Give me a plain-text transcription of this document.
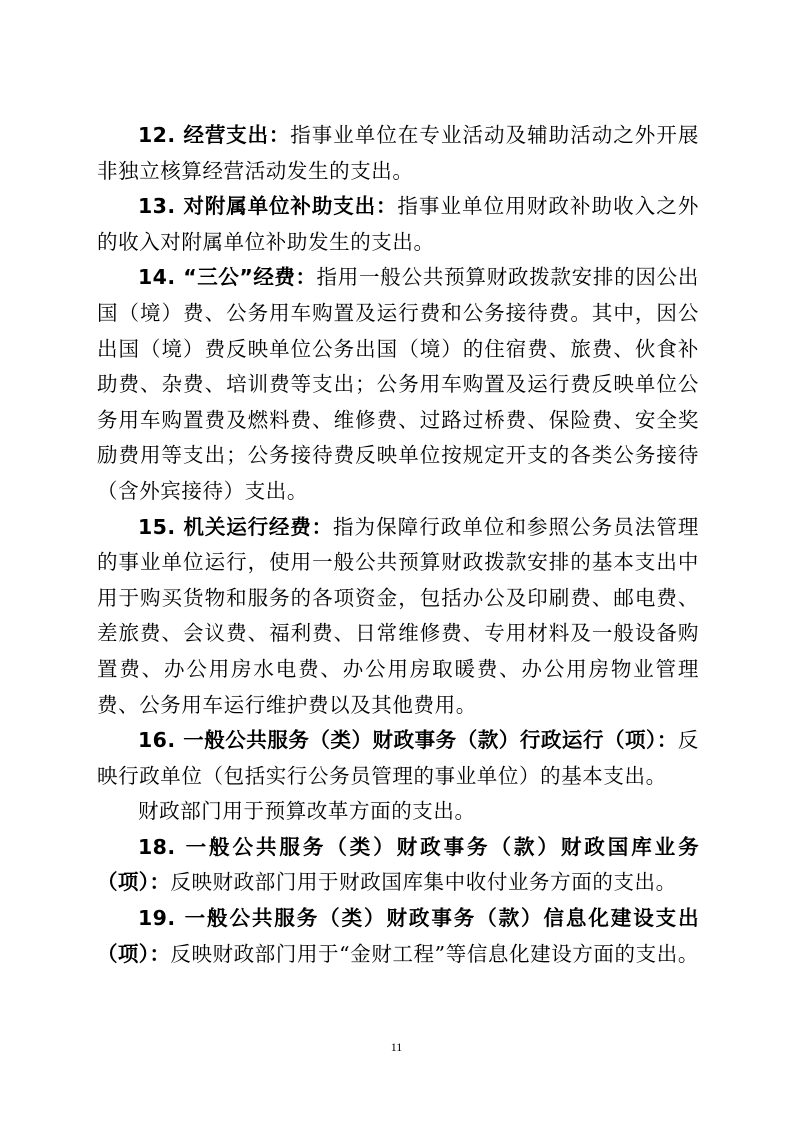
12. 经营支出：指事业单位在专业活动及辅助活动之外开展非独立核算经营活动发生的支出。

13. 对附属单位补助支出：指事业单位用财政补助收入之外的收入对附属单位补助发生的支出。

14. “三公”经费：指用一般公共预算财政拨款安排的因公出国（境）费、公务用车购置及运行费和公务接待费。其中，因公出国（境）费反映单位公务出国（境）的住宿费、旅费、伙食补助费、杂费、培训费等支出；公务用车购置及运行费反映单位公务用车购置费及燃料费、维修费、过路过桥费、保险费、安全奖励费用等支出；公务接待费反映单位按规定开支的各类公务接待（含外宾接待）支出。

15. 机关运行经费：指为保障行政单位和参照公务员法管理的事业单位运行，使用一般公共预算财政拨款安排的基本支出中用于购买货物和服务的各项资金，包括办公及印刷费、邮电费、差旅费、会议费、福利费、日常维修费、专用材料及一般设备购置费、办公用房水电费、办公用房取暖费、办公用房物业管理费、公务用车运行维护费以及其他费用。

16. 一般公共服务（类）财政事务（款）行政运行（项）：反映行政单位（包括实行公务员管理的事业单位）的基本支出。

财政部门用于预算改革方面的支出。

18. 一般公共服务（类）财政事务（款）财政国库业务（项）：反映财政部门用于财政国库集中收付业务方面的支出。

19. 一般公共服务（类）财政事务（款）信息化建设支出（项）：反映财政部门用于“金财工程”等信息化建设方面的支出。

11
